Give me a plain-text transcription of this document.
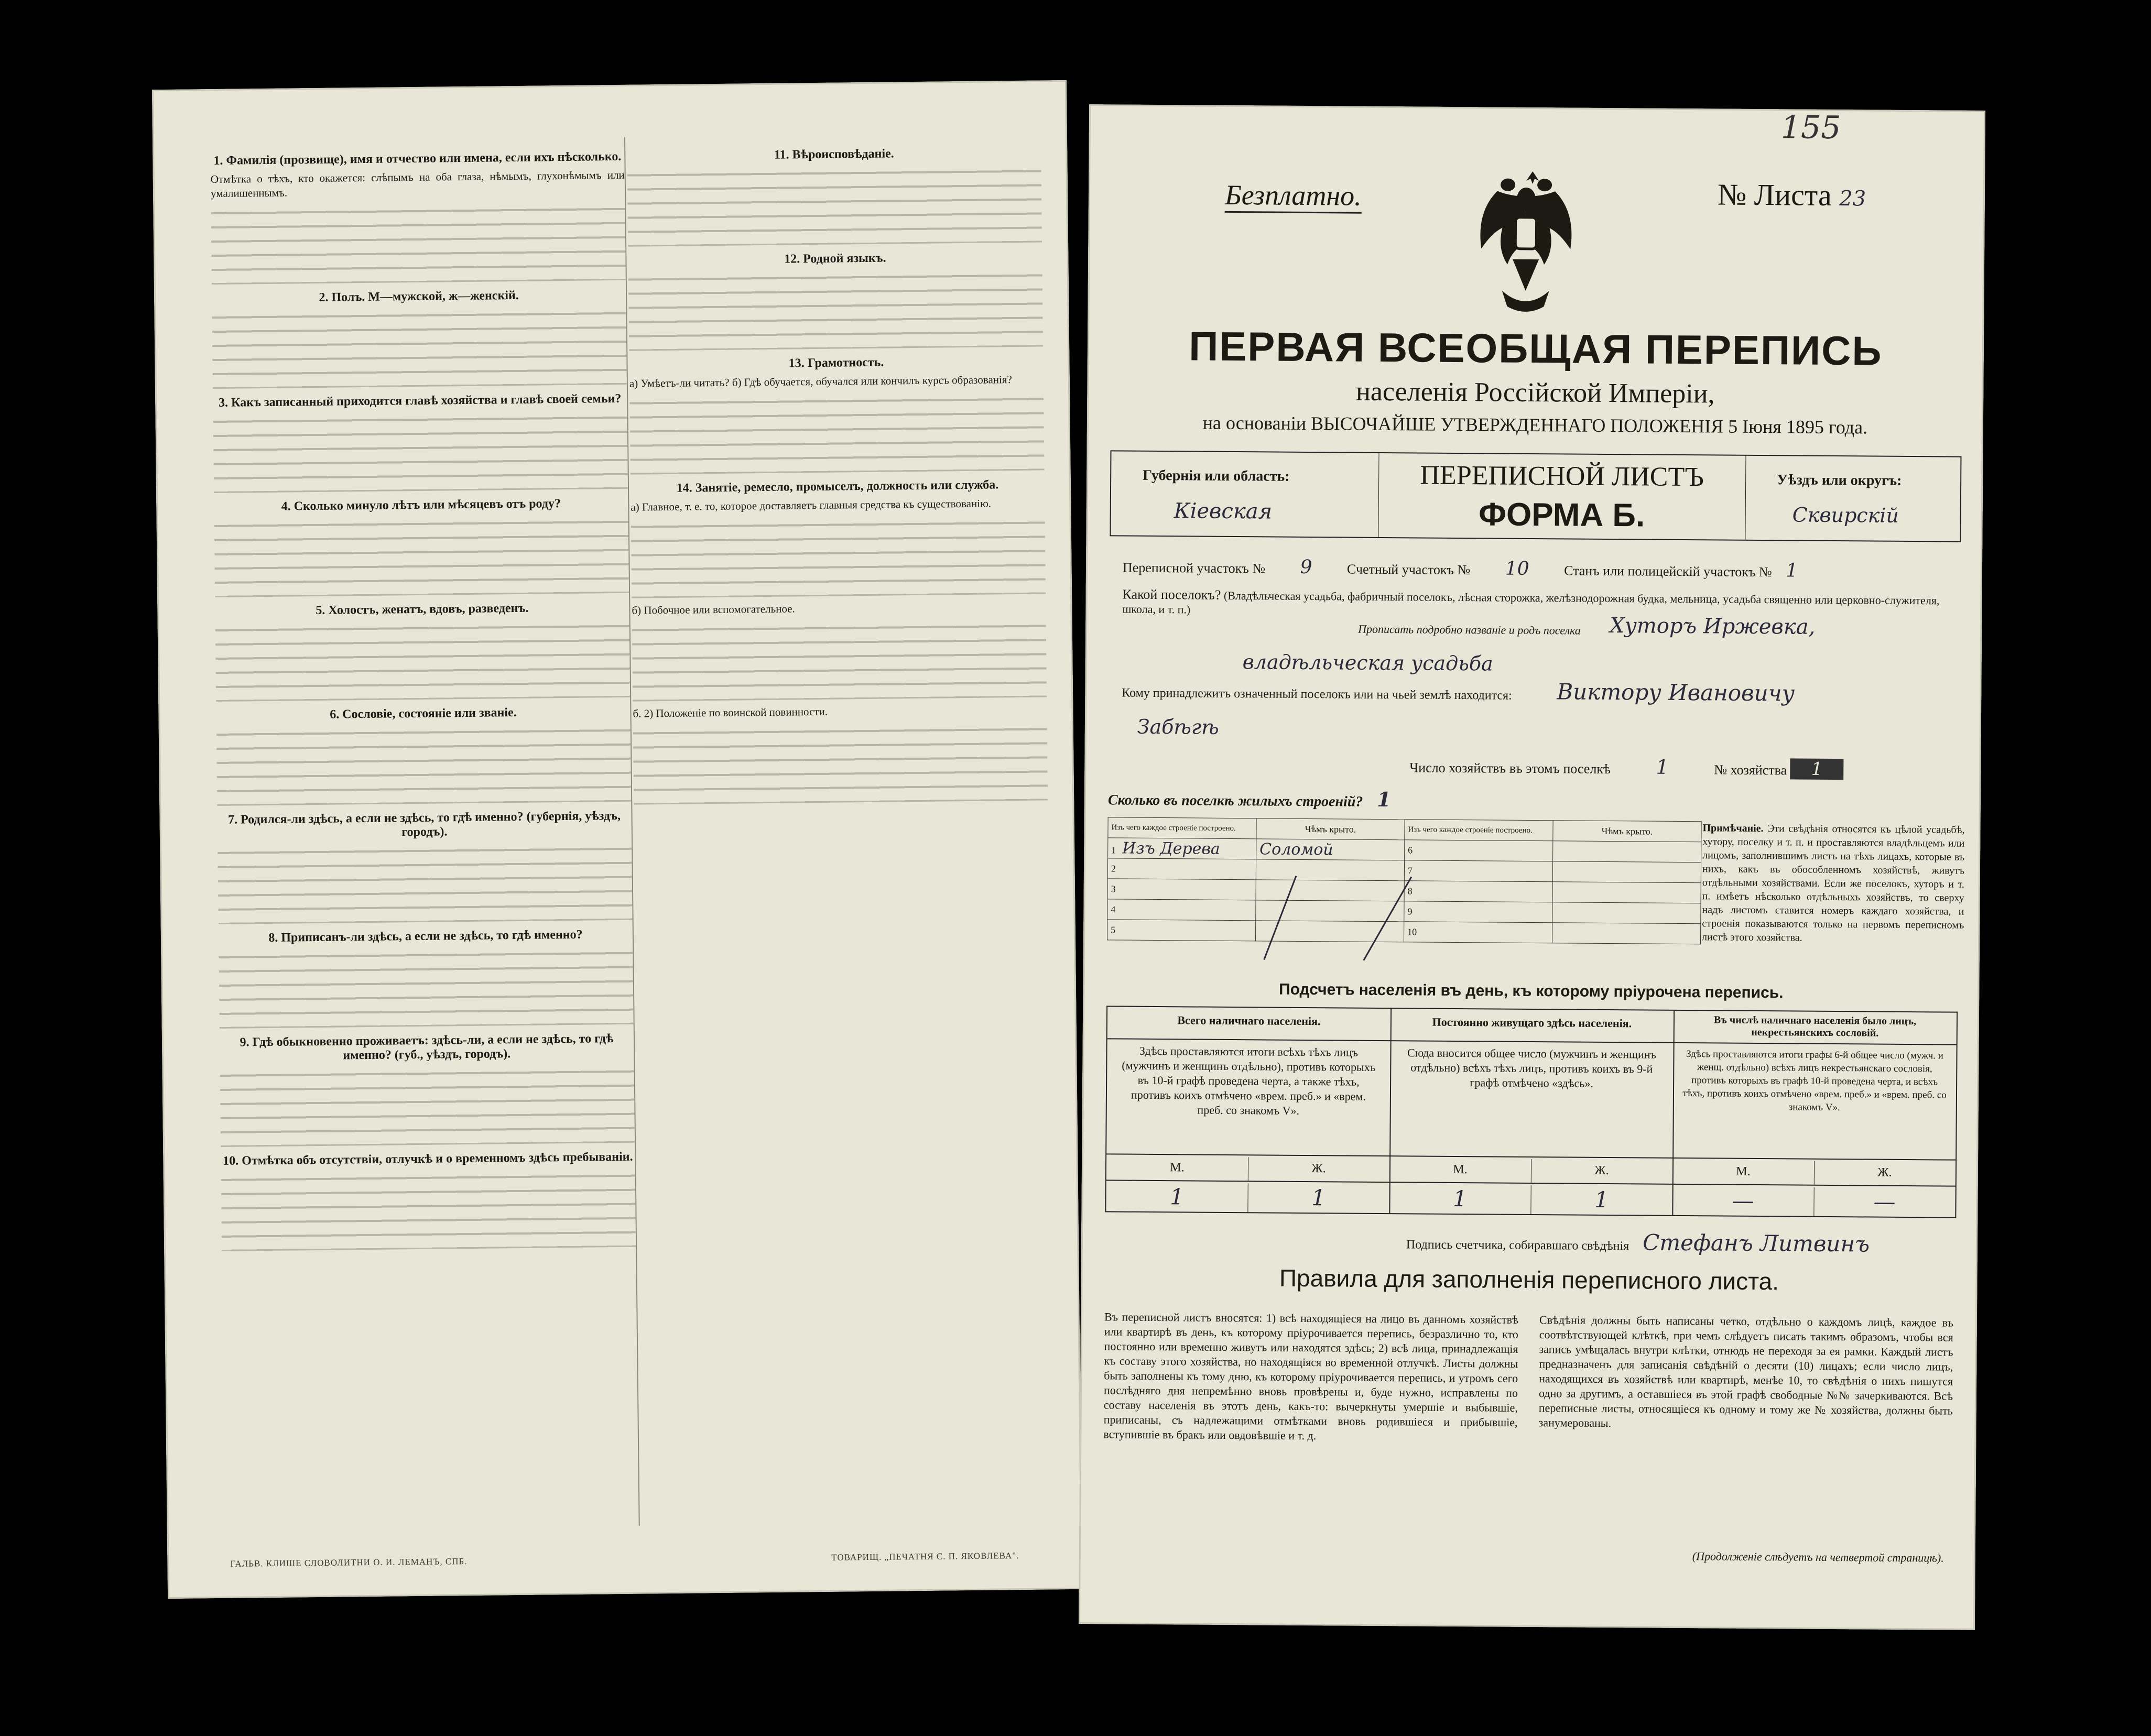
1. Фамилія (прозвище), имя и отчество или имена, если ихъ нѣсколько.

Отмѣтка о тѣхъ, кто окажется: слѣпымъ на оба глаза, нѣмымъ, глухонѣмымъ или умалишеннымъ.

2. Полъ. М—мужской, ж—женскій.

3. Какъ записанный приходится главѣ хозяйства и главѣ своей семьи?

4. Сколько минуло лѣтъ или мѣсяцевъ отъ роду?

5. Холостъ, женатъ, вдовъ, разведенъ.

6. Сословіе, состояніе или званіе.

7. Родился-ли здѣсь, а если не здѣсь, то гдѣ именно? (губернія, уѣздъ, городъ).

8. Приписанъ-ли здѣсь, а если не здѣсь, то гдѣ именно?

9. Гдѣ обыкновенно проживаетъ: здѣсь-ли, а если не здѣсь, то гдѣ именно? (губ., уѣздъ, городъ).

10. Отмѣтка объ отсутствіи, отлучкѣ и о временномъ здѣсь пребываніи.

11. Вѣроисповѣданіе.

12. Родной языкъ.

13. Грамотность.

а) Умѣетъ-ли читать? б) Гдѣ обучается, обучался или кончилъ курсъ образованія?

14. Занятіе, ремесло, промыселъ, должность или служба.

а) Главное, т. е. то, которое доставляетъ главныя средства къ существованію.

б) Побочное или вспомогательное.

б. 2) Положеніе по воинской повинности.

ГАЛЬВ. КЛИШЕ СЛОВОЛИТНИ О. И. ЛЕМАНЪ, СПБ.	ТОВАРИЩ. „ПЕЧАТНЯ С. П. ЯКОВЛЕВА".
Безплатно.
155
№ Листа 23
ПЕРВАЯ ВСЕОБЩАЯ ПЕРЕПИСЬ
населенія Россійской Имперіи,
на основаніи ВЫСОЧАЙШЕ УТВЕРЖДЕННАГО ПОЛОЖЕНІЯ 5 Іюня 1895 года.
Губернія или область:
Кіевская
ПЕРЕПИСНОЙ ЛИСТЪ
ФОРМА Б.
Уѣздъ или округъ:
Сквирскій
Переписной участокъ № 9	Счетный участокъ № 10	Станъ или полицейскій участокъ № 1
Какой поселокъ? (Владѣльческая усадьба, фабричный поселокъ, лѣсная сторожка, желѣзнодорожная будка, мельница, усадьба священно или церковно-служителя, школа, и т. п.)
Прописать подробно названіе и родъ поселка Хуторъ Иржевка,
владѣльческая усадьба
Кому принадлежитъ означенный поселокъ или на чьей землѣ находится: Виктору Ивановичу
Забѣгѣ
Число хозяйствъ въ этомъ поселкѣ 1	№ хозяйства 1
Сколько въ поселкѣ жилыхъ строеній? 1
Изъ чего каждое строеніе построено.	Чѣмъ крыто.	Изъ чего каждое строеніе построено.	Чѣмъ крыто.
1 Изъ Дерева	Соломой	6	
2		7	
3		8	
4		9	
5		10	
Примѣчаніе. Эти свѣдѣнія относятся къ цѣлой усадьбѣ, хутору, поселку и т. п. и проставляются владѣльцемъ или лицомъ, заполнившимъ листъ на тѣхъ лицахъ, которые въ нихъ, какъ въ обособленномъ хозяйствѣ, живутъ отдѣльными хозяйствами. Если же поселокъ, хуторъ и т. п. имѣетъ нѣсколько отдѣльныхъ хозяйствъ, то сверху надъ листомъ ставится номеръ каждаго хозяйства, и строенія показываются только на первомъ переписномъ листѣ этого хозяйства.
Подсчетъ населенія въ день, къ которому пріурочена перепись.
Всего наличнаго населенія.
Здѣсь проставляются итоги всѣхъ тѣхъ лицъ (мужчинъ и женщинъ отдѣльно), противъ которыхъ въ 10-й графѣ проведена черта, а также тѣхъ, противъ коихъ отмѣчено «врем. преб.» и «врем. преб. со знакомъ V».
Постоянно живущаго здѣсь населенія.
Сюда вносится общее число (мужчинъ и женщинъ отдѣльно) всѣхъ тѣхъ лицъ, противъ коихъ въ 9-й графѣ отмѣчено «здѣсь».
Въ числѣ наличнаго населенія было лицъ, некрестьянскихъ сословій.
Здѣсь проставляются итоги графы 6-й общее число (мужч. и женщ. отдѣльно) всѣхъ лицъ некрестьянскаго сословія, противъ которыхъ въ графѣ 10-й проведена черта, и всѣхъ тѣхъ, противъ коихъ отмѣчено «врем. преб.» и «врем. преб. со знакомъ V».
М.	Ж.	М.	Ж.	М.	Ж.
1	1	1	1	—	—
Подпись счетчика, собиравшаго свѣдѣнія Стефанъ Литвинъ
Правила для заполненія переписного листа.
Въ переписной листъ вносятся: 1) всѣ находящіеся на лицо въ данномъ хозяйствѣ или квартирѣ въ день, къ которому пріурочивается перепись, безразлично то, кто постоянно или временно живутъ или находятся здѣсь; 2) всѣ лица, принадлежащія къ составу этого хозяйства, но находящіяся во временной отлучкѣ. Листы должны быть заполнены къ тому дню, къ которому пріурочивается перепись, и утромъ сего послѣдняго дня непремѣнно вновь провѣрены и, буде нужно, исправлены по составу населенія въ этотъ день, какъ-то: вычеркнуты умершіе и выбывшіе, приписаны, съ надлежащими отмѣтками вновь родившіеся и прибывшіе, вступившіе въ бракъ или овдовѣвшіе и т. д.
Свѣдѣнія должны быть написаны четко, отдѣльно о каждомъ лицѣ, каждое въ соотвѣтствующей клѣткѣ, при чемъ слѣдуетъ писать такимъ образомъ, чтобы вся запись умѣщалась внутри клѣтки, отнюдь не переходя за ея рамки. Каждый листъ предназначенъ для записанія свѣдѣній о десяти (10) лицахъ; если число лицъ, находящихся въ хозяйствѣ или квартирѣ, менѣе 10, то свѣдѣнія о нихъ пишутся одно за другимъ, а оставшіеся въ этой графѣ свободные №№ зачеркиваются. Всѣ переписные листы, относящіеся къ одному и тому же № хозяйства, должны быть занумерованы.
(Продолженіе слѣдуетъ на четвертой страницѣ).
